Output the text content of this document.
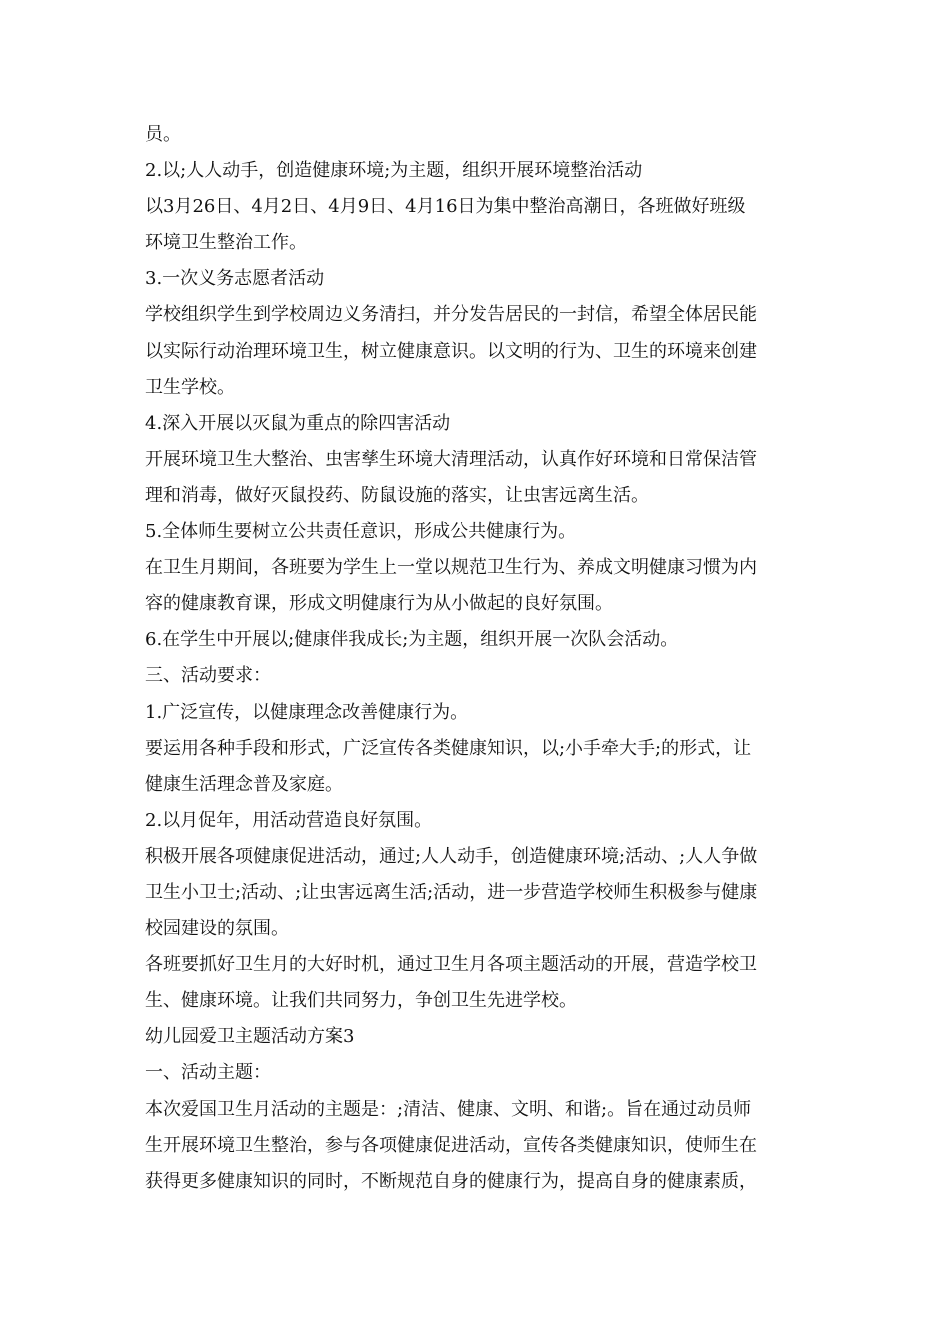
员。

2.以;人人动手，创造健康环境;为主题，组织开展环境整治活动

以3月26日、4月2日、4月9日、4月16日为集中整治高潮日，各班做好班级

环境卫生整治工作。

3.一次义务志愿者活动

学校组织学生到学校周边义务清扫，并分发告居民的一封信，希望全体居民能

以实际行动治理环境卫生，树立健康意识。以文明的行为、卫生的环境来创建

卫生学校。

4.深入开展以灭鼠为重点的除四害活动

开展环境卫生大整治、虫害孳生环境大清理活动，认真作好环境和日常保洁管

理和消毒，做好灭鼠投药、防鼠设施的落实，让虫害远离生活。

5.全体师生要树立公共责任意识，形成公共健康行为。

在卫生月期间，各班要为学生上一堂以规范卫生行为、养成文明健康习惯为内

容的健康教育课，形成文明健康行为从小做起的良好氛围。

6.在学生中开展以;健康伴我成长;为主题，组织开展一次队会活动。

三、活动要求：

1.广泛宣传，以健康理念改善健康行为。

要运用各种手段和形式，广泛宣传各类健康知识，以;小手牵大手;的形式，让

健康生活理念普及家庭。

2.以月促年，用活动营造良好氛围。

积极开展各项健康促进活动，通过;人人动手，创造健康环境;活动、;人人争做

卫生小卫士;活动、;让虫害远离生活;活动，进一步营造学校师生积极参与健康

校园建设的氛围。

各班要抓好卫生月的大好时机，通过卫生月各项主题活动的开展，营造学校卫

生、健康环境。让我们共同努力，争创卫生先进学校。

幼儿园爱卫主题活动方案3

一、活动主题：

本次爱国卫生月活动的主题是：;清洁、健康、文明、和谐;。旨在通过动员师

生开展环境卫生整治，参与各项健康促进活动，宣传各类健康知识，使师生在

获得更多健康知识的同时，不断规范自身的健康行为，提高自身的健康素质，
